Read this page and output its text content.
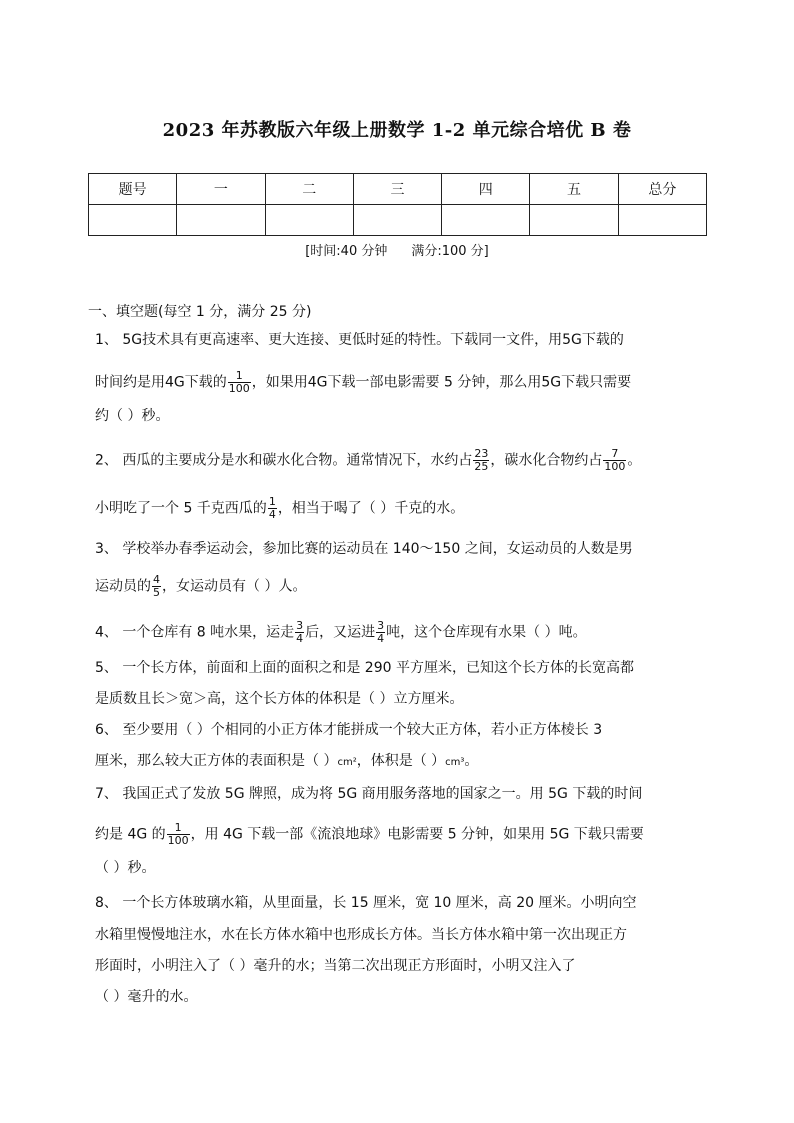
2023 年苏教版六年级上册数学 1-2 单元综合培优 B 卷
题号	一	二	三	四	五	总分

[时间:40 分钟 满分:100 分]
一、填空题(每空 1 分，满分 25 分)
1、 5G技术具有更高速率、更大连接、更低时延的特性。下载同一文件，用5G下载的
时间约是用4G下载的 $\frac{1}{100}$ ，如果用4G下载一部电影需要 5 分钟，那么用5G下载只需要
约（ ）秒。
2、 西瓜的主要成分是水和碳水化合物。通常情况下，水约占 $\frac{23}{25}$ ，碳水化合物约占 $\frac{7}{100}$ 。
小明吃了一个 5 千克西瓜的 $\frac{1}{4}$ ，相当于喝了（ ）千克的水。
3、 学校举办春季运动会，参加比赛的运动员在 140～150 之间，女运动员的人数是男
运动员的 $\frac{4}{5}$ ，女运动员有（ ）人。
4、 一个仓库有 8 吨水果，运走 $\frac{3}{4}$ 后，又运进 $\frac{3}{4}$ 吨，这个仓库现有水果（ ）吨。
5、 一个长方体，前面和上面的面积之和是 290 平方厘米，已知这个长方体的长宽高都
是质数且长＞宽＞高，这个长方体的体积是（ ）立方厘米。
6、 至少要用（ ）个相同的小正方体才能拼成一个较大正方体，若小正方体棱长 3
厘米，那么较大正方体的表面积是（ ）cm²，体积是（ ）cm³。
7、 我国正式了发放 5G 牌照，成为将 5G 商用服务落地的国家之一。用 5G 下载的时间
约是 4G 的 $\frac{1}{100}$ ，用 4G 下载一部《流浪地球》电影需要 5 分钟，如果用 5G 下载只需要
（ ）秒。
8、 一个长方体玻璃水箱，从里面量，长 15 厘米，宽 10 厘米，高 20 厘米。小明向空
水箱里慢慢地注水，水在长方体水箱中也形成长方体。当长方体水箱中第一次出现正方
形面时，小明注入了（ ）毫升的水；当第二次出现正方形面时，小明又注入了
（ ）毫升的水。
